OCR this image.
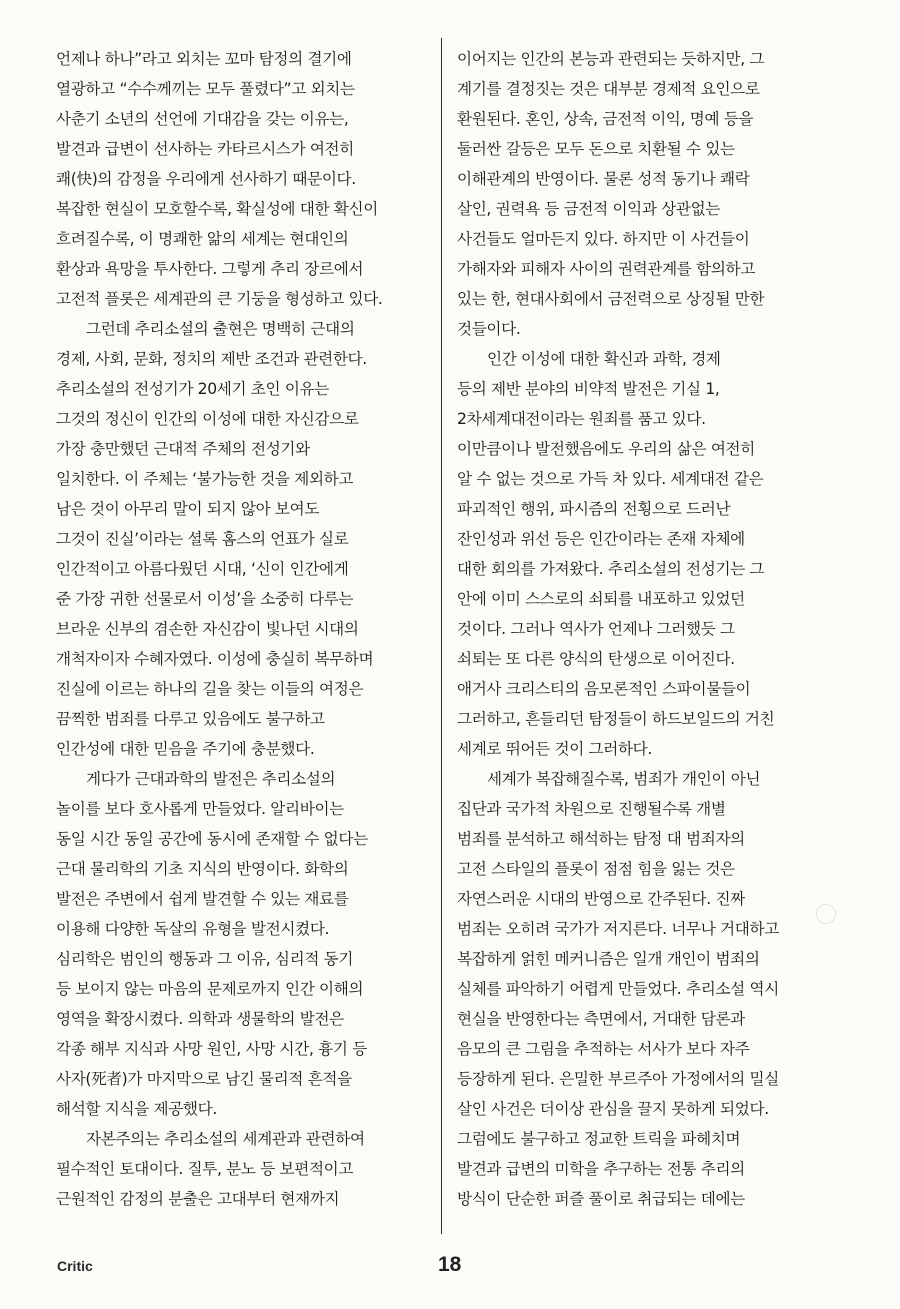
언제나 하나”라고 외치는 꼬마 탐정의 결기에
열광하고 “수수께끼는 모두 풀렸다”고 외치는
사춘기 소년의 선언에 기대감을 갖는 이유는,
발견과 급변이 선사하는 카타르시스가 여전히
쾌(快)의 감정을 우리에게 선사하기 때문이다.
복잡한 현실이 모호할수록, 확실성에 대한 확신이
흐려질수록, 이 명쾌한 앎의 세계는 현대인의
환상과 욕망을 투사한다. 그렇게 추리 장르에서
고전적 플롯은 세계관의 큰 기둥을 형성하고 있다.
그런데 추리소설의 출현은 명백히 근대의
경제, 사회, 문화, 정치의 제반 조건과 관련한다.
추리소설의 전성기가 20세기 초인 이유는
그것의 정신이 인간의 이성에 대한 자신감으로
가장 충만했던 근대적 주체의 전성기와
일치한다. 이 주체는 ‘불가능한 것을 제외하고
남은 것이 아무리 말이 되지 않아 보여도
그것이 진실’이라는 셜록 홈스의 언표가 실로
인간적이고 아름다웠던 시대, ‘신이 인간에게
준 가장 귀한 선물로서 이성’을 소중히 다루는
브라운 신부의 겸손한 자신감이 빛나던 시대의
개척자이자 수혜자였다. 이성에 충실히 복무하며
진실에 이르는 하나의 길을 찾는 이들의 여정은
끔찍한 범죄를 다루고 있음에도 불구하고
인간성에 대한 믿음을 주기에 충분했다.
게다가 근대과학의 발전은 추리소설의
놀이를 보다 호사롭게 만들었다. 알리바이는
동일 시간 동일 공간에 동시에 존재할 수 없다는
근대 물리학의 기초 지식의 반영이다. 화학의
발전은 주변에서 쉽게 발견할 수 있는 재료를
이용해 다양한 독살의 유형을 발전시켰다.
심리학은 범인의 행동과 그 이유, 심리적 동기
등 보이지 않는 마음의 문제로까지 인간 이해의
영역을 확장시켰다. 의학과 생물학의 발전은
각종 해부 지식과 사망 원인, 사망 시간, 흉기 등
사자(死者)가 마지막으로 남긴 물리적 흔적을
해석할 지식을 제공했다.
자본주의는 추리소설의 세계관과 관련하여
필수적인 토대이다. 질투, 분노 등 보편적이고
근원적인 감정의 분출은 고대부터 현재까지
이어지는 인간의 본능과 관련되는 듯하지만, 그
계기를 결정짓는 것은 대부분 경제적 요인으로
환원된다. 혼인, 상속, 금전적 이익, 명예 등을
둘러싼 갈등은 모두 돈으로 치환될 수 있는
이해관계의 반영이다. 물론 성적 동기나 쾌락
살인, 권력욕 등 금전적 이익과 상관없는
사건들도 얼마든지 있다. 하지만 이 사건들이
가해자와 피해자 사이의 권력관계를 함의하고
있는 한, 현대사회에서 금전력으로 상징될 만한
것들이다.
인간 이성에 대한 확신과 과학, 경제
등의 제반 분야의 비약적 발전은 기실 1,
2차세계대전이라는 원죄를 품고 있다.
이만큼이나 발전했음에도 우리의 삶은 여전히
알 수 없는 것으로 가득 차 있다. 세계대전 같은
파괴적인 행위, 파시즘의 전횡으로 드러난
잔인성과 위선 등은 인간이라는 존재 자체에
대한 회의를 가져왔다. 추리소설의 전성기는 그
안에 이미 스스로의 쇠퇴를 내포하고 있었던
것이다. 그러나 역사가 언제나 그러했듯 그
쇠퇴는 또 다른 양식의 탄생으로 이어진다.
애거사 크리스티의 음모론적인 스파이물들이
그러하고, 흔들리던 탐정들이 하드보일드의 거친
세계로 뛰어든 것이 그러하다.
세계가 복잡해질수록, 범죄가 개인이 아닌
집단과 국가적 차원으로 진행될수록 개별
범죄를 분석하고 해석하는 탐정 대 범죄자의
고전 스타일의 플롯이 점점 힘을 잃는 것은
자연스러운 시대의 반영으로 간주된다. 진짜
범죄는 오히려 국가가 저지른다. 너무나 거대하고
복잡하게 얽힌 메커니즘은 일개 개인이 범죄의
실체를 파악하기 어렵게 만들었다. 추리소설 역시
현실을 반영한다는 측면에서, 거대한 담론과
음모의 큰 그림을 추적하는 서사가 보다 자주
등장하게 된다. 은밀한 부르주아 가정에서의 밀실
살인 사건은 더이상 관심을 끌지 못하게 되었다.
그럼에도 불구하고 정교한 트릭을 파헤치며
발견과 급변의 미학을 추구하는 전통 추리의
방식이 단순한 퍼즐 풀이로 취급되는 데에는
Critic	18
